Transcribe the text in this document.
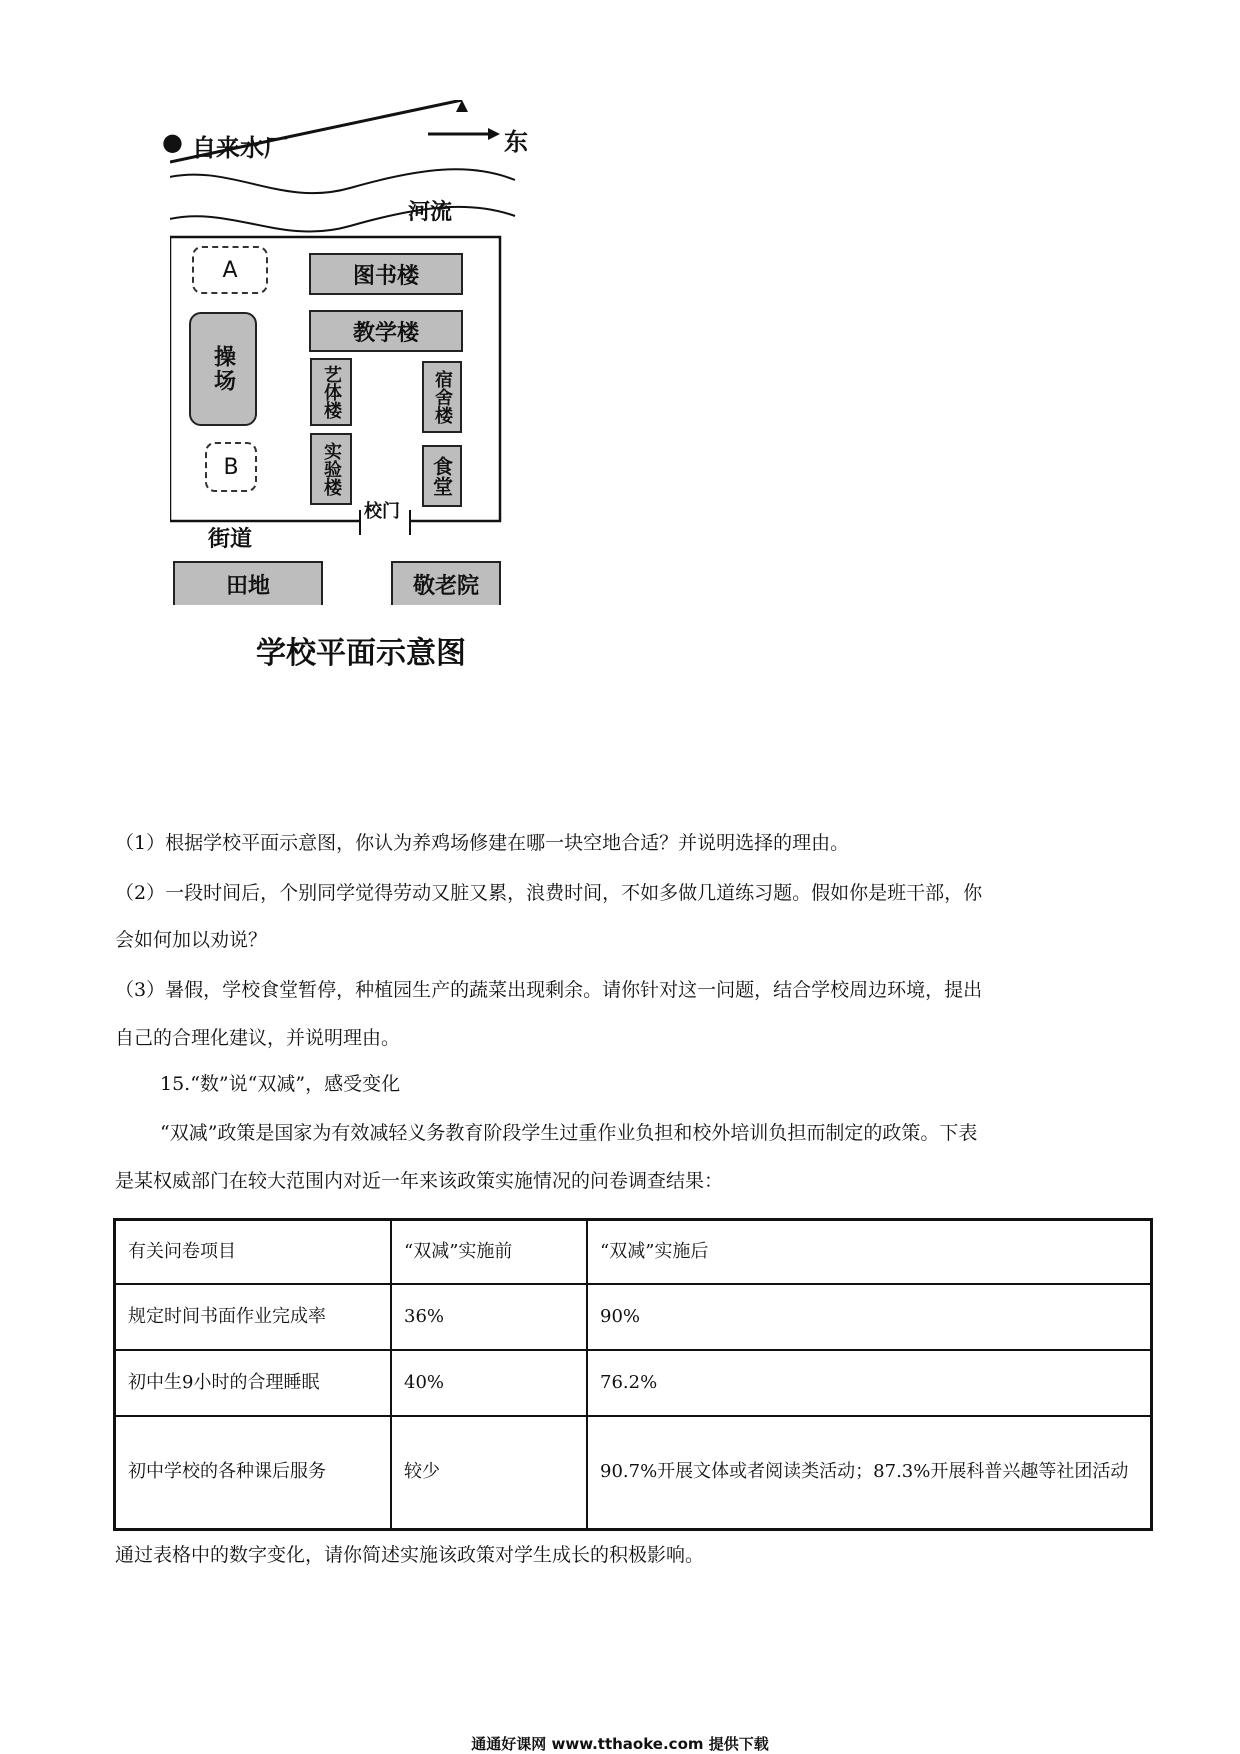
● 自来水厂	东
河流
A
B
图书楼
教学楼
操场	艺体楼	宿舍楼
实验楼	食堂
校门
街道
田地	敬老院
学校平面示意图
（1）根据学校平面示意图，你认为养鸡场修建在哪一块空地合适？并说明选择的理由。
（2）一段时间后，个别同学觉得劳动又脏又累，浪费时间，不如多做几道练习题。假如你是班干部，你
会如何加以劝说？
（3）暑假，学校食堂暂停，种植园生产的蔬菜出现剩余。请你针对这一问题，结合学校周边环境，提出
自己的合理化建议，并说明理由。
15.“数”说“双减”，感受变化
“双减”政策是国家为有效减轻义务教育阶段学生过重作业负担和校外培训负担而制定的政策。下表
是某权威部门在较大范围内对近一年来该政策实施情况的问卷调查结果：
有关问卷项目	“双减”实施前	“双减”实施后
规定时间书面作业完成率	36%	90%
初中生9小时的合理睡眠	40%	76.2%
初中学校的各种课后服务	较少	90.7%开展文体或者阅读类活动；87.3%开展科普兴趣等社团活动
通过表格中的数字变化，请你简述实施该政策对学生成长的积极影响。
通通好课网 www.tthaoke.com 提供下载
